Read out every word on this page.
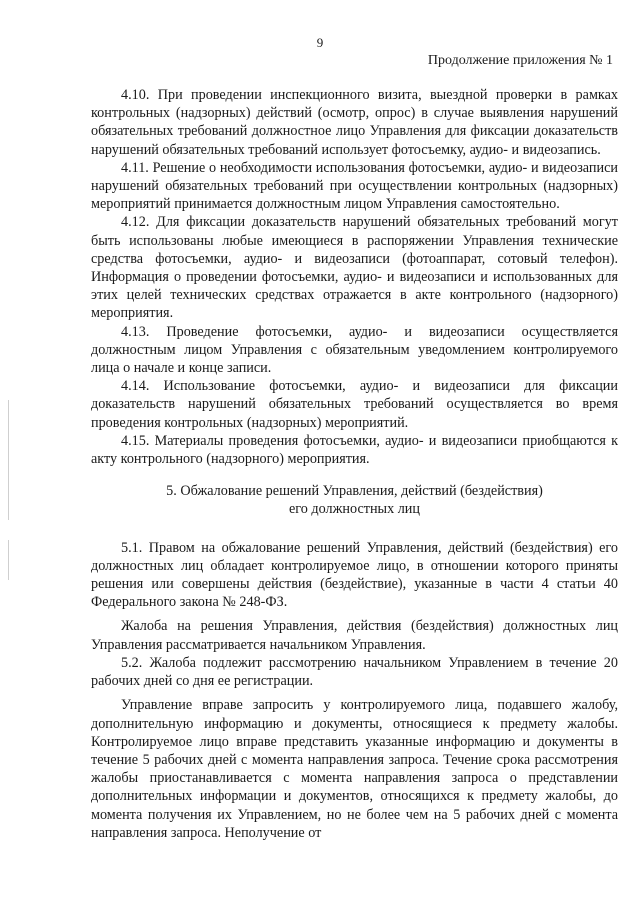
9
Продолжение приложения № 1

4.10. При проведении инспекционного визита, выездной проверки в рамках контрольных (надзорных) действий (осмотр, опрос) в случае выявления нарушений обязательных требований должностное лицо Управления для фиксации доказательств нарушений обязательных требований использует фотосъемку, аудио- и видеозапись.

4.11. Решение о необходимости использования фотосъемки, аудио- и видеозаписи нарушений обязательных требований при осуществлении контрольных (надзорных) мероприятий принимается должностным лицом Управления самостоятельно.

4.12. Для фиксации доказательств нарушений обязательных требований могут быть использованы любые имеющиеся в распоряжении Управления технические средства фотосъемки, аудио- и видеозаписи (фотоаппарат, сотовый телефон). Информация о проведении фотосъемки, аудио- и видеозаписи и использованных для этих целей технических средствах отражается в акте контрольного (надзорного) мероприятия.

4.13. Проведение фотосъемки, аудио- и видеозаписи осуществляется должностным лицом Управления с обязательным уведомлением контролируемого лица о начале и конце записи.

4.14. Использование фотосъемки, аудио- и видеозаписи для фиксации доказательств нарушений обязательных требований осуществляется во время проведения контрольных (надзорных) мероприятий.

4.15. Материалы проведения фотосъемки, аудио- и видеозаписи приобщаются к акту контрольного (надзорного) мероприятия.

5. Обжалование решений Управления, действий (бездействия)
его должностных лиц

5.1. Правом на обжалование решений Управления, действий (бездействия) его должностных лиц обладает контролируемое лицо, в отношении которого приняты решения или совершены действия (бездействие), указанные в части 4 статьи 40 Федерального закона № 248-ФЗ.

Жалоба на решения Управления, действия (бездействия) должностных лиц Управления рассматривается начальником Управления.

5.2. Жалоба подлежит рассмотрению начальником Управлением в течение 20 рабочих дней со дня ее регистрации.

Управление вправе запросить у контролируемого лица, подавшего жалобу, дополнительную информацию и документы, относящиеся к предмету жалобы. Контролируемое лицо вправе представить указанные информацию и документы в течение 5 рабочих дней с момента направления запроса. Течение срока рассмотрения жалобы приостанавливается с момента направления запроса о представлении дополнительных информации и документов, относящихся к предмету жалобы, до момента получения их Управлением, но не более чем на 5 рабочих дней с момента направления запроса. Неполучение от
